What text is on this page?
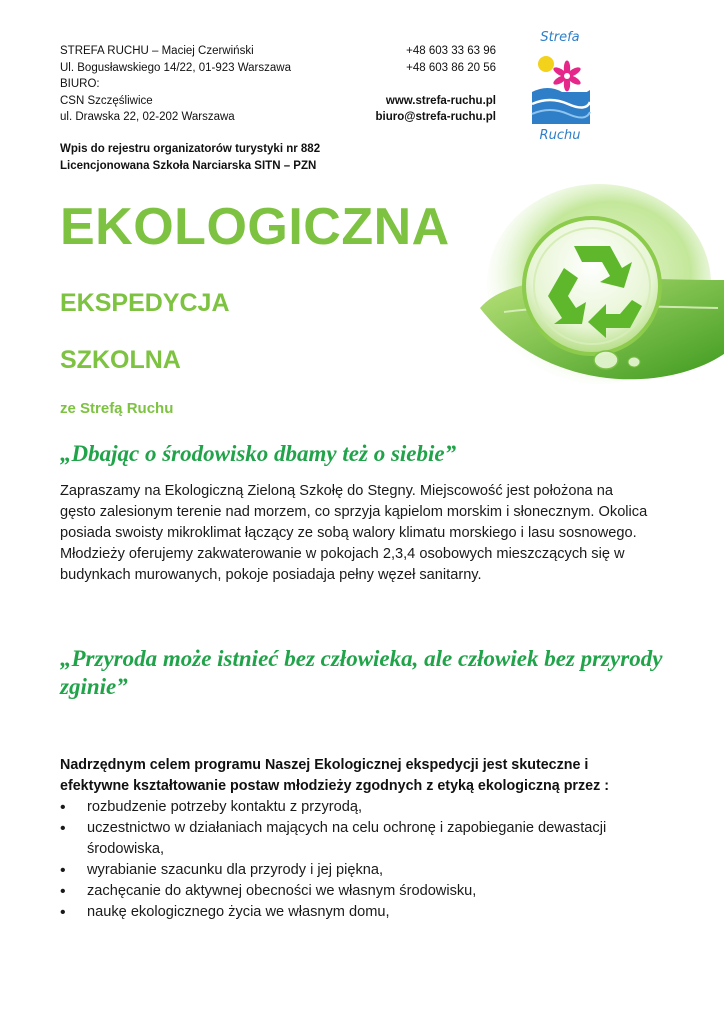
STREFA RUCHU – Maciej Czerwiński
Ul. Bogusławskiego 14/22, 01-923 Warszawa
BIURO:
CSN Szczęśliwice
ul. Drawska 22, 02-202 Warszawa
+48 603 33 63 96
+48 603 86 20 56
www.strefa-ruchu.pl
biuro@strefa-ruchu.pl
Wpis do rejestru organizatorów turystyki nr 882
Licencjonowana Szkoła Narciarska SITN – PZN
Strefa
Ruchu
EKOLOGICZNA
EKSPEDYCJA
SZKOLNA
ze Strefą Ruchu
„Dbając o środowisko dbamy też o siebie”

Zapraszamy na Ekologiczną Zieloną Szkołę do Stegny. Miejscowość jest położona na gęsto zalesionym terenie nad morzem, co sprzyja kąpielom morskim i słonecznym. Okolica posiada swoisty mikroklimat łączący ze sobą walory klimatu morskiego i lasu sosnowego.

Młodzieży oferujemy zakwaterowanie w pokojach 2,3,4 osobowych mieszczących się w budynkach murowanych, pokoje posiadaja pełny węzeł sanitarny.

„Przyroda może istnieć bez człowieka, ale człowiek bez przyrody zginie”

Nadrzędnym celem programu Naszej Ekologicznej ekspedycji jest skuteczne i efektywne kształtowanie postaw młodzieży zgodnych z etyką ekologiczną przez :

• rozbudzenie potrzeby kontaktu z przyrodą,
• uczestnictwo w działaniach mających na celu ochronę i zapobieganie dewastacji środowiska,
• wyrabianie szacunku dla przyrody i jej piękna,
• zachęcanie do aktywnej obecności we własnym środowisku,
• naukę ekologicznego życia we własnym domu,
